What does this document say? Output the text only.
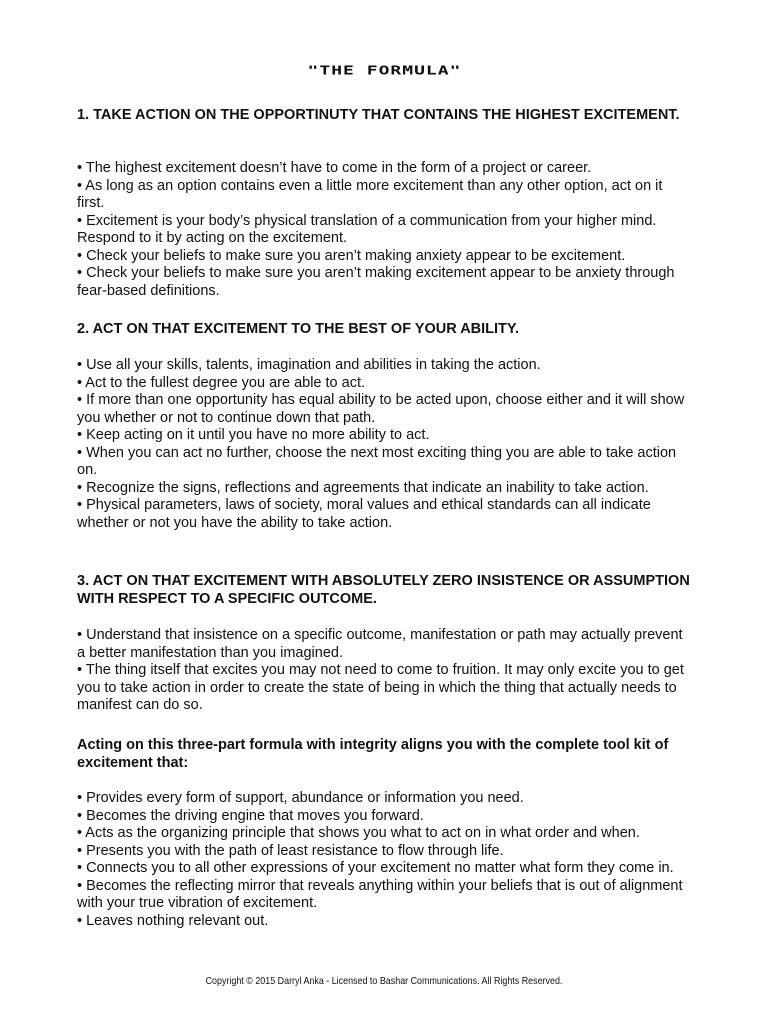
"THE FORMULA"

1. TAKE ACTION ON THE OPPORTINUTY THAT CONTAINS THE HIGHEST EXCITEMENT.

• The highest excitement doesn’t have to come in the form of a project or career.
• As long as an option contains even a little more excitement than any other option, act on it first.
• Excitement is your body’s physical translation of a communication from your higher mind. Respond to it by acting on the excitement.
• Check your beliefs to make sure you aren’t making anxiety appear to be excitement.
• Check your beliefs to make sure you aren’t making excitement appear to be anxiety through fear-based definitions.

2. ACT ON THAT EXCITEMENT TO THE BEST OF YOUR ABILITY.

• Use all your skills, talents, imagination and abilities in taking the action.
• Act to the fullest degree you are able to act.
• If more than one opportunity has equal ability to be acted upon, choose either and it will show you whether or not to continue down that path.
• Keep acting on it until you have no more ability to act.
• When you can act no further, choose the next most exciting thing you are able to take action on.
• Recognize the signs, reflections and agreements that indicate an inability to take action.
• Physical parameters, laws of society, moral values and ethical standards can all indicate whether or not you have the ability to take action.

3. ACT ON THAT EXCITEMENT WITH ABSOLUTELY ZERO INSISTENCE OR ASSUMPTION WITH RESPECT TO A SPECIFIC OUTCOME.

• Understand that insistence on a specific outcome, manifestation or path may actually prevent a better manifestation than you imagined.
• The thing itself that excites you may not need to come to fruition. It may only excite you to get you to take action in order to create the state of being in which the thing that actually needs to manifest can do so.

Acting on this three-part formula with integrity aligns you with the complete tool kit of excitement that:

• Provides every form of support, abundance or information you need.
• Becomes the driving engine that moves you forward.
• Acts as the organizing principle that shows you what to act on in what order and when.
• Presents you with the path of least resistance to flow through life.
• Connects you to all other expressions of your excitement no matter what form they come in.
• Becomes the reflecting mirror that reveals anything within your beliefs that is out of alignment with your true vibration of excitement.
• Leaves nothing relevant out.
Copyright © 2015 Darryl Anka - Licensed to Bashar Communications. All Rights Reserved.
